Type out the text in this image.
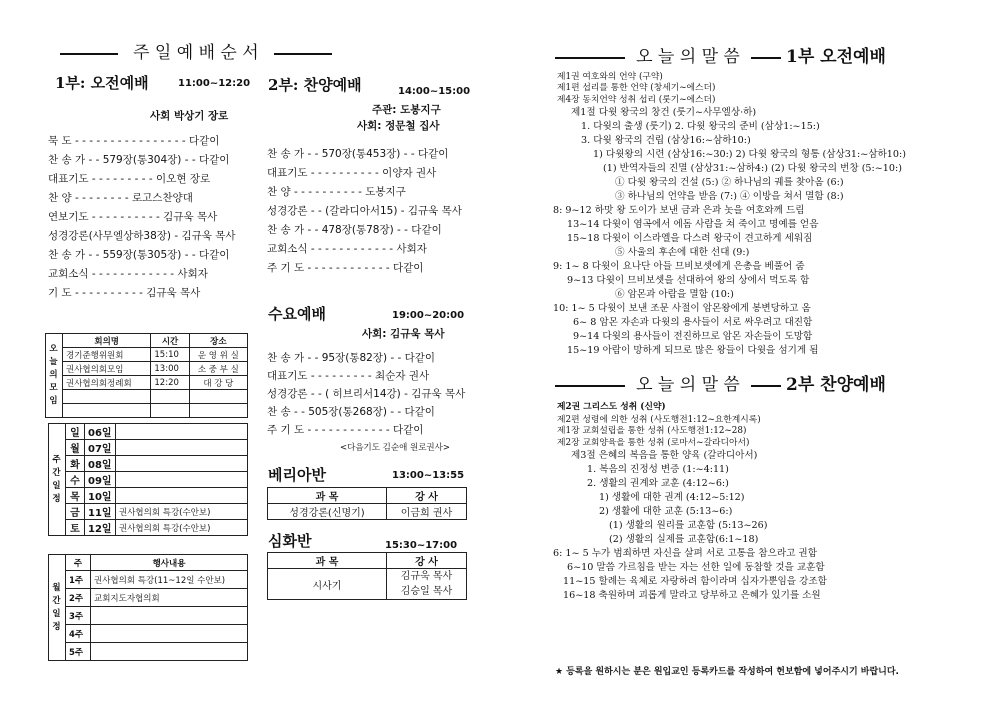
주 일 예 배 순 서
1부: 오전예배	11:00~12:20
사회 박상기 장로
묵 도 - - - - - - - - - - - - - - - - 다같이
찬 송 가 - - 579장(통304장) - - 다같이
대표기도 - - - - - - - - - 이오현 장로
찬 양 - - - - - - - - 로고스찬양대
연보기도 - - - - - - - - - - 김규욱 목사
성경강론(사무엘상하38장) - 김규욱 목사
찬 송 가 - - 559장(통305장) - - 다같이
교회소식 - - - - - - - - - - - - 사회자
기 도 - - - - - - - - - - 김규욱 목사
2부: 찬양예배	14:00~15:00
주관: 도봉지구
사회: 정문철 집사
찬 송 가 - - 570장(통453장) - - 다같이
대표기도 - - - - - - - - - - 이양자 권사
찬 양 - - - - - - - - - - 도봉지구
성경강론 - - (갈라디아서15) - 김규욱 목사
찬 송 가 - - 478장(통78장) - - 다같이
교회소식 - - - - - - - - - - - - 사회자
주 기 도 - - - - - - - - - - - - 다같이
수요예배	19:00~20:00
사회: 김규욱 목사
찬 송 가 - - 95장(통82장) - - 다같이
대표기도 - - - - - - - - - 최순자 권사
성경강론 - - ( 히브리서14강) - 김규욱 목사
찬 송 - - 505장(통268장) - - 다같이
주 기 도 - - - - - - - - - - - - 다같이
<다음기도 김순애 원로권사>
베리아반	13:00~13:55
과 목	강 사
성경강론(신명기)	이금희 권사
심화반	15:30~17:00
과 목	강 사
시사기	김규욱 목사
김승일 목사
오늘의모임	회의명	시간	장소
	경기준행위원회	15:10	운 영 위 실
	권사협의회모임	13:00	소 중 부 실
	권사협의회정례회	12:20	대 강 당

주간일정	일	06일	
	월	07일	
	화	08일	
	수	09일	
	목	10일	
	금	11일	권사협의회 특강(수안보)
	토	12일	권사협의회 특강(수안보)
월간일정	주	행사내용
	1주	권사협의회 특강(11~12일 수안보)
	2주	교회지도자협의회
	3주	
	4주	
	5주	
오 늘 의 말 씀	1부 오전예배
제1권 여호와의 언약 (구약)
제1편 섭리를 통한 언약 (창세기~에스더)
제4장 동치언약 성취 섭리 (룻기~에스더)
제1절 다윗 왕국의 창건 (룻기~사무엘상·하)
1. 다윗의 출생 (룻기) 2. 다윗 왕국의 준비 (삼상1:~15:)
3. 다윗 왕국의 건립 (삼상16:~삼하10:)
1) 다윗왕의 시련 (삼상16:~30:) 2) 다윗 왕국의 형통 (삼상31:~삼하10:)
(1) 반역자들의 진멸 (삼상31:~삼하4:) (2) 다윗 왕국의 번창 (5:~10:)
① 다윗 왕국의 건설 (5:) ② 하나님의 궤를 찾아옴 (6:)
③ 하나님의 언약을 받음 (7:) ④ 이방을 쳐서 멸함 (8:)
8: 9~12 하맛 왕 도이가 보낸 금과 은과 놋을 여호와께 드림
13~14 다윗이 염곡에서 에돔 사람을 쳐 죽이고 명예를 얻음
15~18 다윗이 이스라엘을 다스려 왕국이 견고하게 세워짐
⑤ 사울의 후손에 대한 선대 (9:)
9: 1~ 8 다윗이 요나단 아들 므비보셋에게 은총을 베풀어 줌
9~13 다윗이 므비보셋을 선대하여 왕의 상에서 먹도록 함
⑥ 암몬과 아람을 멸함 (10:)
10: 1~ 5 다윗이 보낸 조문 사절이 암몬왕에게 봉변당하고 옴
6~ 8 암몬 자손과 다윗의 용사들이 서로 싸우려고 대진함
9~14 다윗의 용사들이 전진하므로 암몬 자손들이 도망함
15~19 아람이 망하게 되므로 많은 왕들이 다윗을 섬기게 됨
오 늘 의 말 씀	2부 찬양예배
제2권 그리스도 성취 (신약)
제2편 성령에 의한 성취 (사도행전1:12~요한계시록)
제1장 교회설립을 통한 성취 (사도행전1:12~28)
제2장 교회양육을 통한 성취 (로마서~갈라디아서)
제3절 은혜의 복음을 통한 양육 (갈라디아서)
1. 복음의 진정성 변증 (1:~4:11)
2. 생활의 권계와 교훈 (4:12~6:)
1) 생활에 대한 권계 (4:12~5:12)
2) 생활에 대한 교훈 (5:13~6:)
(1) 생활의 원리를 교훈함 (5:13~26)
(2) 생활의 실제를 교훈함(6:1~18)
6: 1~ 5 누가 범죄하면 자신을 살펴 서로 고통을 참으라고 권함
6~10 말씀 가르침을 받는 자는 선한 일에 동참할 것을 교훈함
11~15 할례는 육체로 자랑하려 함이라며 십자가뿐임을 강조함
16~18 축원하며 괴롭게 말라고 당부하고 은혜가 있기를 소원
★ 등록을 원하시는 분은 원입교인 등록카드를 작성하여 헌보함에 넣어주시기 바랍니다.
